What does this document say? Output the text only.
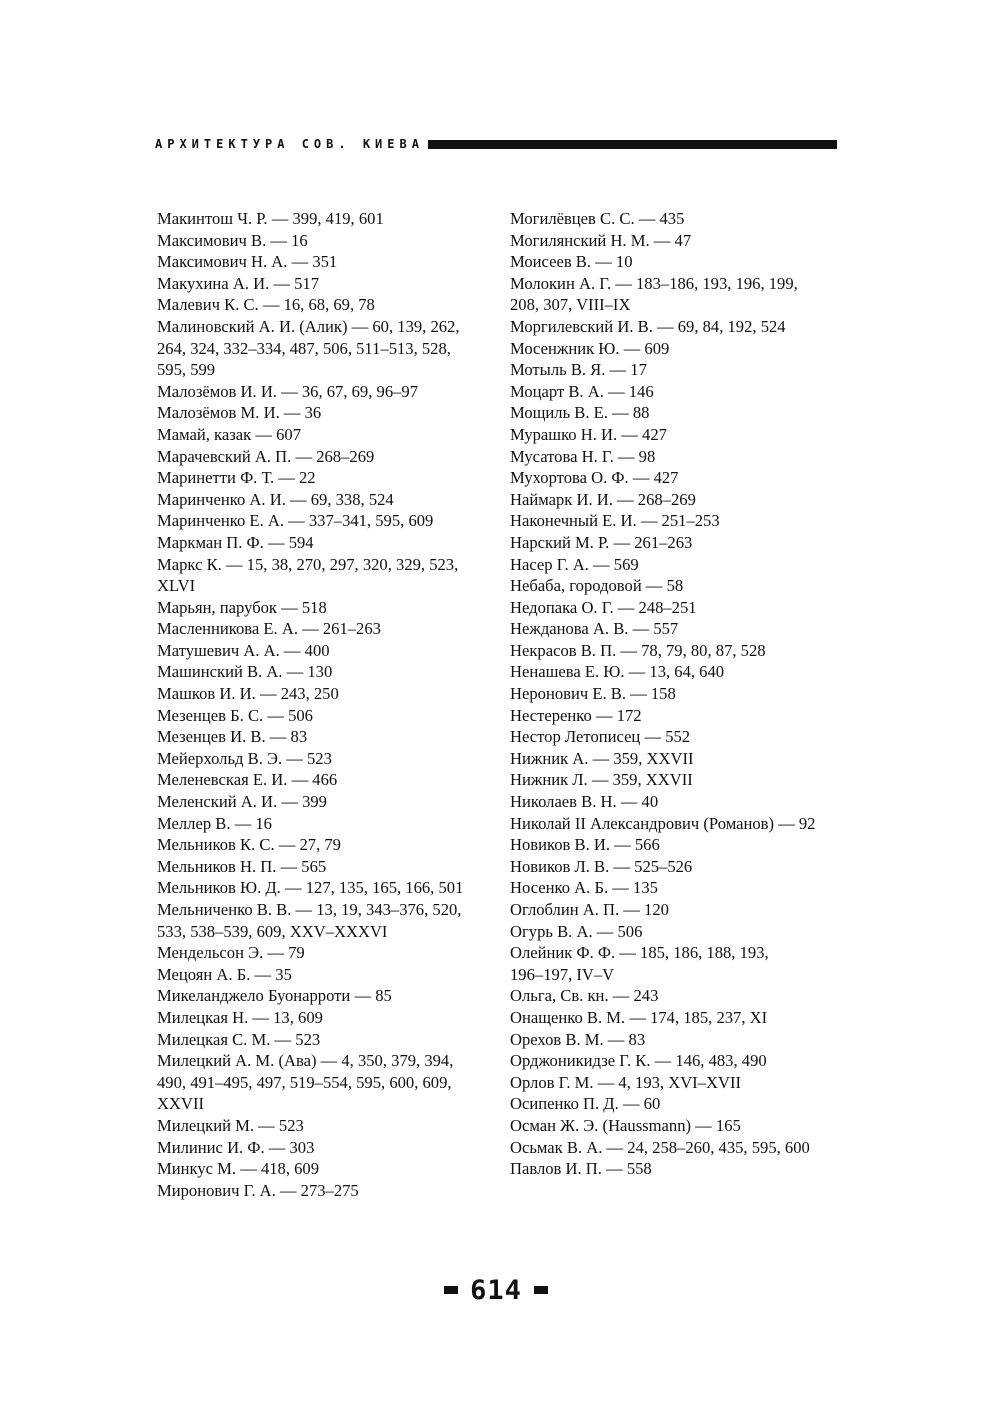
АРХИТЕКТУРА СОВ. КИЕВА
Макинтош Ч. Р. — 399, 419, 601
Максимович В. — 16
Максимович Н. А. — 351
Макухина А. И. — 517
Малевич К. С. — 16, 68, 69, 78
Малиновский А. И. (Алик) — 60, 139, 262,
264, 324, 332–334, 487, 506, 511–513, 528,
595, 599
Малозёмов И. И. — 36, 67, 69, 96–97
Малозёмов М. И. — 36
Мамай, казак — 607
Марачевский А. П. — 268–269
Маринетти Ф. Т. — 22
Маринченко А. И. — 69, 338, 524
Маринченко Е. А. — 337–341, 595, 609
Маркман П. Ф. — 594
Маркс К. — 15, 38, 270, 297, 320, 329, 523, XLVI
Марьян, парубок — 518
Масленникова Е. А. — 261–263
Матушевич А. А. — 400
Машинский В. А. — 130
Машков И. И. — 243, 250
Мезенцев Б. С. — 506
Мезенцев И. В. — 83
Мейерхольд В. Э. — 523
Меленевская Е. И. — 466
Меленский А. И. — 399
Меллер В. — 16
Мельников К. С. — 27, 79
Мельников Н. П. — 565
Мельников Ю. Д. — 127, 135, 165, 166, 501
Мельниченко В. В. — 13, 19, 343–376, 520,
533, 538–539, 609, XXV–XXXVI
Мендельсон Э. — 79
Мецоян А. Б. — 35
Микеланджело Буонарроти — 85
Милецкая Н. — 13, 609
Милецкая С. М. — 523
Милецкий А. М. (Ава) — 4, 350, 379, 394,
490, 491–495, 497, 519–554, 595, 600, 609,
XXVII
Милецкий М. — 523
Милинис И. Ф. — 303
Минкус М. — 418, 609
Миронович Г. А. — 273–275
Могилёвцев С. С. — 435
Могилянский Н. М. — 47
Моисеев В. — 10
Молокин А. Г. — 183–186, 193, 196, 199,
208, 307, VIII–IX
Моргилевский И. В. — 69, 84, 192, 524
Мосенжник Ю. — 609
Мотыль В. Я. — 17
Моцарт В. А. — 146
Мощиль В. Е. — 88
Мурашко Н. И. — 427
Мусатова Н. Г. — 98
Мухортова О. Ф. — 427
Наймарк И. И. — 268–269
Наконечный Е. И. — 251–253
Нарский М. Р. — 261–263
Насер Г. А. — 569
Небаба, городовой — 58
Недопака О. Г. — 248–251
Нежданова А. В. — 557
Некрасов В. П. — 78, 79, 80, 87, 528
Ненашева Е. Ю. — 13, 64, 640
Неронович Е. В. — 158
Нестеренко — 172
Нестор Летописец — 552
Нижник А. — 359, XXVII
Нижник Л. — 359, XXVII
Николаев В. Н. — 40
Николай II Александрович (Романов) — 92
Новиков В. И. — 566
Новиков Л. В. — 525–526
Носенко А. Б. — 135
Оглоблин А. П. — 120
Огурь В. А. — 506
Олейник Ф. Ф. — 185, 186, 188, 193,
196–197, IV–V
Ольга, Св. кн. — 243
Онащенко В. М. — 174, 185, 237, XI
Орехов В. М. — 83
Орджоникидзе Г. К. — 146, 483, 490
Орлов Г. М. — 4, 193, XVI–XVII
Осипенко П. Д. — 60
Осман Ж. Э. (Haussmann) — 165
Осьмак В. А. — 24, 258–260, 435, 595, 600
Павлов И. П. — 558
614
